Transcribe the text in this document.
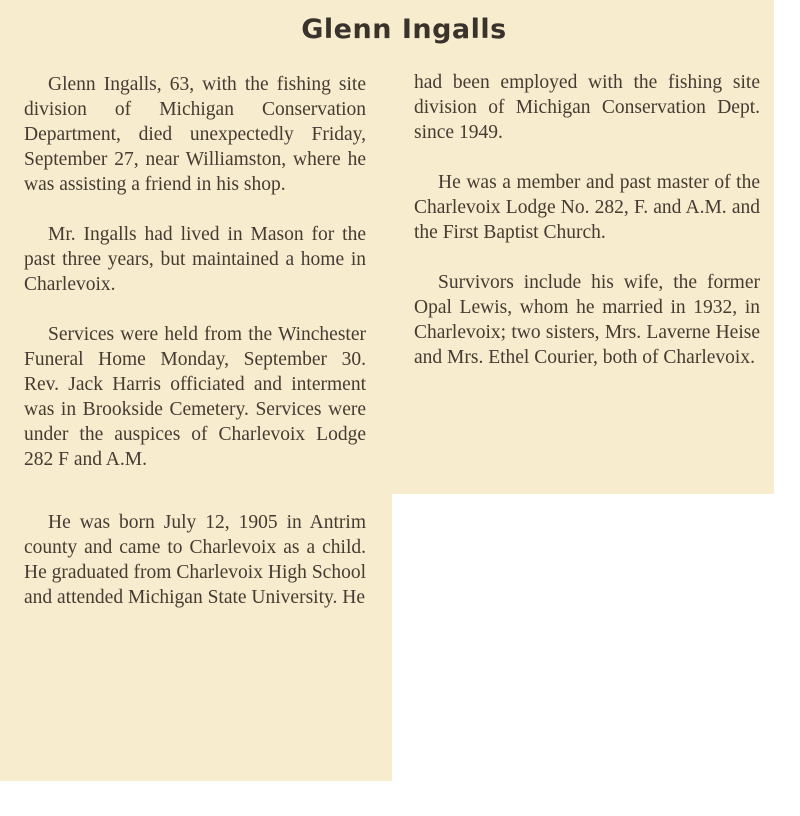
Glenn Ingalls

Glenn Ingalls, 63, with the fishing site division of Michigan Conservation Department, died unexpectedly Friday, September 27, near Williamston, where he was assisting a friend in his shop.

Mr. Ingalls had lived in Mason for the past three years, but maintained a home in Charlevoix.

Services were held from the Winchester Funeral Home Monday, September 30. Rev. Jack Harris officiated and interment was in Brookside Cemetery. Services were under the auspices of Charlevoix Lodge 282 F and A.M.

He was born July 12, 1905 in Antrim county and came to Charlevoix as a child. He graduated from Charlevoix High School and attended Michigan State University. He

had been employed with the fishing site division of Michigan Conservation Dept. since 1949.

He was a member and past master of the Charlevoix Lodge No. 282, F. and A.M. and the First Baptist Church.

Survivors include his wife, the former Opal Lewis, whom he married in 1932, in Charlevoix; two sisters, Mrs. Laverne Heise and Mrs. Ethel Courier, both of Charlevoix.
